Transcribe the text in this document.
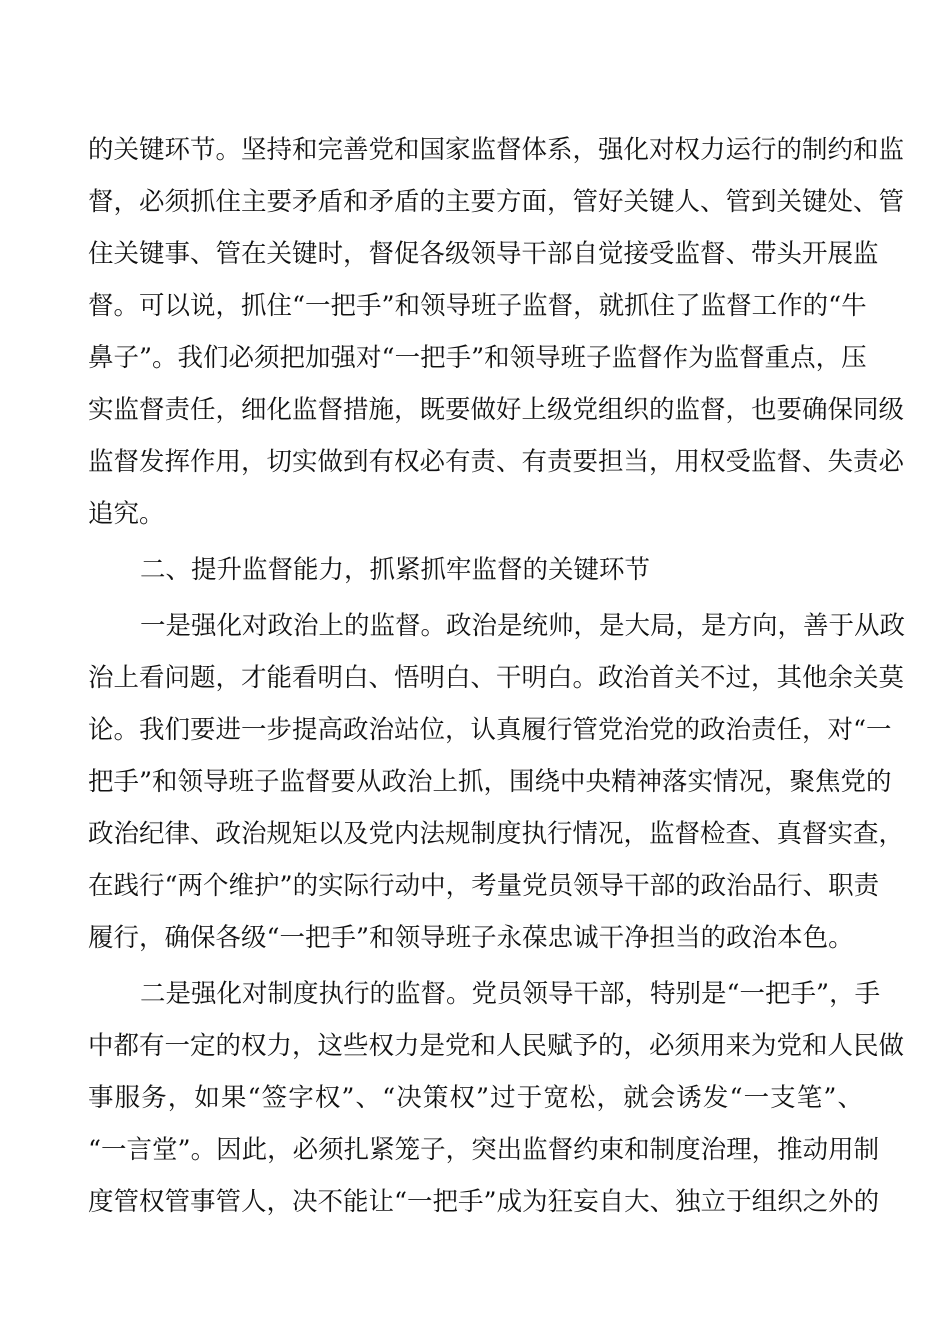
的关键环节。坚持和完善党和国家监督体系，强化对权力运行的制约和监
督，必须抓住主要矛盾和矛盾的主要方面，管好关键人、管到关键处、管
住关键事、管在关键时，督促各级领导干部自觉接受监督、带头开展监
督。可以说，抓住“一把手”和领导班子监督，就抓住了监督工作的“牛
鼻子”。我们必须把加强对“一把手”和领导班子监督作为监督重点，压
实监督责任，细化监督措施，既要做好上级党组织的监督，也要确保同级
监督发挥作用，切实做到有权必有责、有责要担当，用权受监督、失责必
追究。
二、提升监督能力，抓紧抓牢监督的关键环节
一是强化对政治上的监督。政治是统帅，是大局，是方向，善于从政
治上看问题，才能看明白、悟明白、干明白。政治首关不过，其他余关莫
论。我们要进一步提高政治站位，认真履行管党治党的政治责任，对“一
把手”和领导班子监督要从政治上抓，围绕中央精神落实情况，聚焦党的
政治纪律、政治规矩以及党内法规制度执行情况，监督检查、真督实查，
在践行“两个维护”的实际行动中，考量党员领导干部的政治品行、职责
履行，确保各级“一把手”和领导班子永葆忠诚干净担当的政治本色。
二是强化对制度执行的监督。党员领导干部，特别是“一把手”，手
中都有一定的权力，这些权力是党和人民赋予的，必须用来为党和人民做
事服务，如果“签字权”、“决策权”过于宽松，就会诱发“一支笔”、
“一言堂”。因此，必须扎紧笼子，突出监督约束和制度治理，推动用制
度管权管事管人，决不能让“一把手”成为狂妄自大、独立于组织之外的
